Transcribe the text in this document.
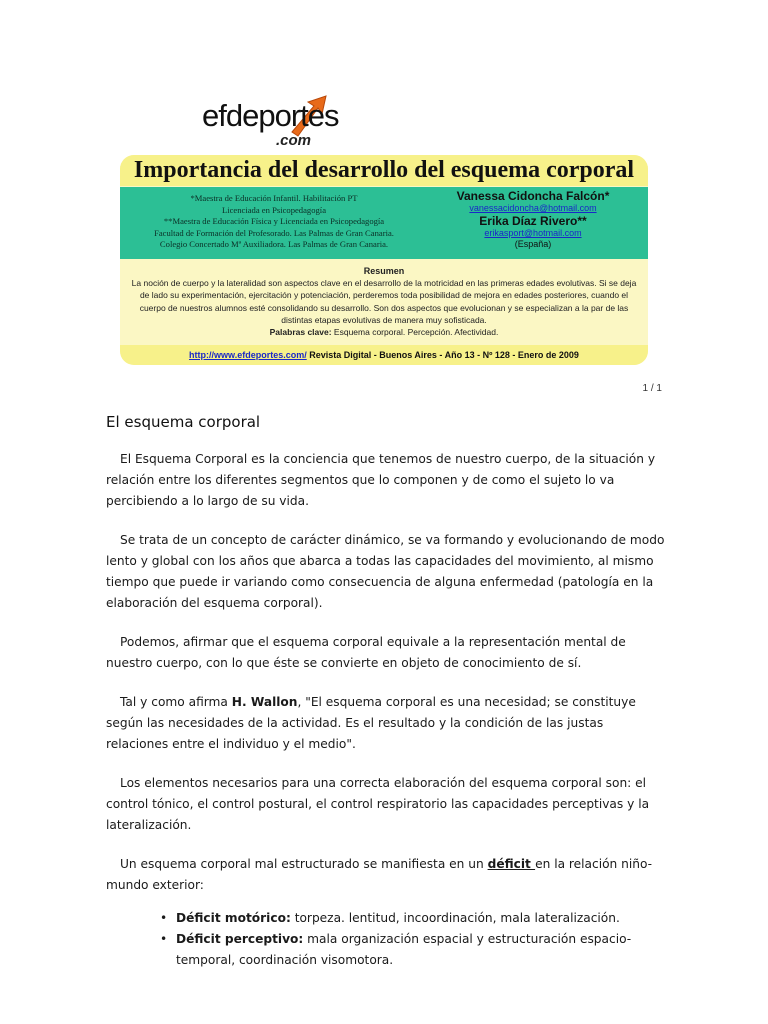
efdeportes
.com
Importancia del desarrollo del esquema corporal
*Maestra de Educación Infantil. Habilitación PT
Licenciada en Psicopedagogía
**Maestra de Educación Física y Licenciada en Psicopedagogía
Facultad de Formación del Profesorado. Las Palmas de Gran Canaria.
Colegio Concertado Mª Auxiliadora. Las Palmas de Gran Canaria.
Vanessa Cidoncha Falcón*
vanessacidoncha@hotmail.com
Erika Díaz Rivero**
erikasport@hotmail.com
(España)
Resumen
La noción de cuerpo y la lateralidad son aspectos clave en el desarrollo de la motricidad en las primeras edades evolutivas. Si se deja de lado su experimentación, ejercitación y potenciación, perderemos toda posibilidad de mejora en edades posteriores, cuando el cuerpo de nuestros alumnos esté consolidando su desarrollo. Son dos aspectos que evolucionan y se especializan a la par de las distintas etapas evolutivas de manera muy sofisticada.
Palabras clave: Esquema corporal. Percepción. Afectividad.
http://www.efdeportes.com/ Revista Digital - Buenos Aires - Año 13 - Nº 128 - Enero de 2009
1 / 1
El esquema corporal

El Esquema Corporal es la conciencia que tenemos de nuestro cuerpo, de la situación y relación entre los diferentes segmentos que lo componen y de como el sujeto lo va percibiendo a lo largo de su vida.

Se trata de un concepto de carácter dinámico, se va formando y evolucionando de modo lento y global con los años que abarca a todas las capacidades del movimiento, al mismo tiempo que puede ir variando como consecuencia de alguna enfermedad (patología en la elaboración del esquema corporal).

Podemos, afirmar que el esquema corporal equivale a la representación mental de nuestro cuerpo, con lo que éste se convierte en objeto de conocimiento de sí.

Tal y como afirma H. Wallon, "El esquema corporal es una necesidad; se constituye según las necesidades de la actividad. Es el resultado y la condición de las justas relaciones entre el individuo y el medio".

Los elementos necesarios para una correcta elaboración del esquema corporal son: el control tónico, el control postural, el control respiratorio las capacidades perceptivas y la lateralización.

Un esquema corporal mal estructurado se manifiesta en un déficit en la relación niño-mundo exterior:

• Déficit motórico: torpeza. lentitud, incoordinación, mala lateralización.
• Déficit perceptivo: mala organización espacial y estructuración espacio-temporal, coordinación visomotora.
